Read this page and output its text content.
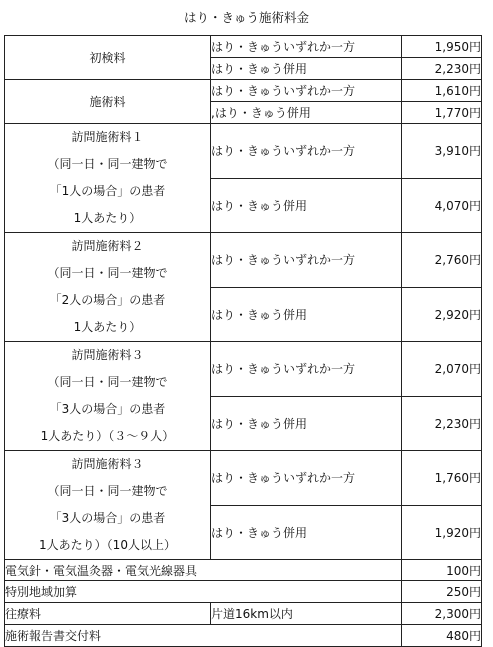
はり・きゅう施術料金
初検料	はり・きゅういずれか一方	1,950円
	はり・きゅう併用	2,230円
施術料	はり・きゅういずれか一方	1,610円
	,はり・きゅう併用	1,770円

訪問施術料１
（同一日・同一建物で
「1人の場合」の患者
1人あたり）	はり・きゅういずれか一方	3,910円
	はり・きゅう併用	4,070円

訪問施術料２
（同一日・同一建物で
「2人の場合」の患者
1人あたり）	はり・きゅういずれか一方	2,760円
	はり・きゅう併用	2,920円

訪問施術料３
（同一日・同一建物で
「3人の場合」の患者
1人あたり）（３～９人）	はり・きゅういずれか一方	2,070円
	はり・きゅう併用	2,230円

訪問施術料３
（同一日・同一建物で
「3人の場合」の患者
1人あたり）（10人以上）	はり・きゅういずれか一方	1,760円
	はり・きゅう併用	1,920円
電気針・電気温灸器・電気光線器具		100円
特別地域加算		250円
往療料	片道16km以内	2,300円
施術報告書交付料		480円
